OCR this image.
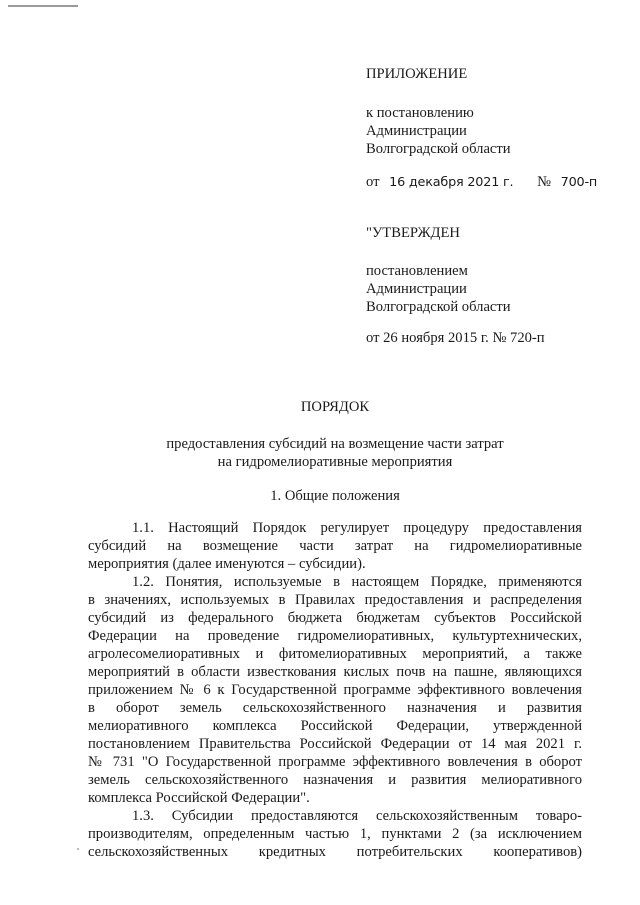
ПРИЛОЖЕНИЕ

к постановлению

Администрации

Волгоградской области

от 16 декабря 2021 г. № 700-п

"УТВЕРЖДЕН

постановлением

Администрации

Волгоградской области

от 26 ноября 2015 г. № 720-п

ПОРЯДОК

предоставления субсидий на возмещение части затрат

на гидромелиоративные мероприятия

1. Общие положения

1.1. Настоящий Порядок регулирует процедуру предоставления

субсидий на возмещение части затрат на гидромелиоративные

мероприятия (далее именуются – субсидии).

1.2. Понятия, используемые в настоящем Порядке, применяются

в значениях, используемых в Правилах предоставления и распределения

субсидий из федерального бюджета бюджетам субъектов Российской

Федерации на проведение гидромелиоративных, культуртехнических,

агролесомелиоративных и фитомелиоративных мероприятий, а также

мероприятий в области известкования кислых почв на пашне, являющихся

приложением № 6 к Государственной программе эффективного вовлечения

в оборот земель сельскохозяйственного назначения и развития

мелиоративного комплекса Российской Федерации, утвержденной

постановлением Правительства Российской Федерации от 14 мая 2021 г.

№ 731 "О Государственной программе эффективного вовлечения в оборот

земель сельскохозяйственного назначения и развития мелиоративного

комплекса Российской Федерации".

1.3. Субсидии предоставляются сельскохозяйственным товаро-

производителям, определенным частью 1, пунктами 2 (за исключением

сельскохозяйственных кредитных потребительских кооперативов)
